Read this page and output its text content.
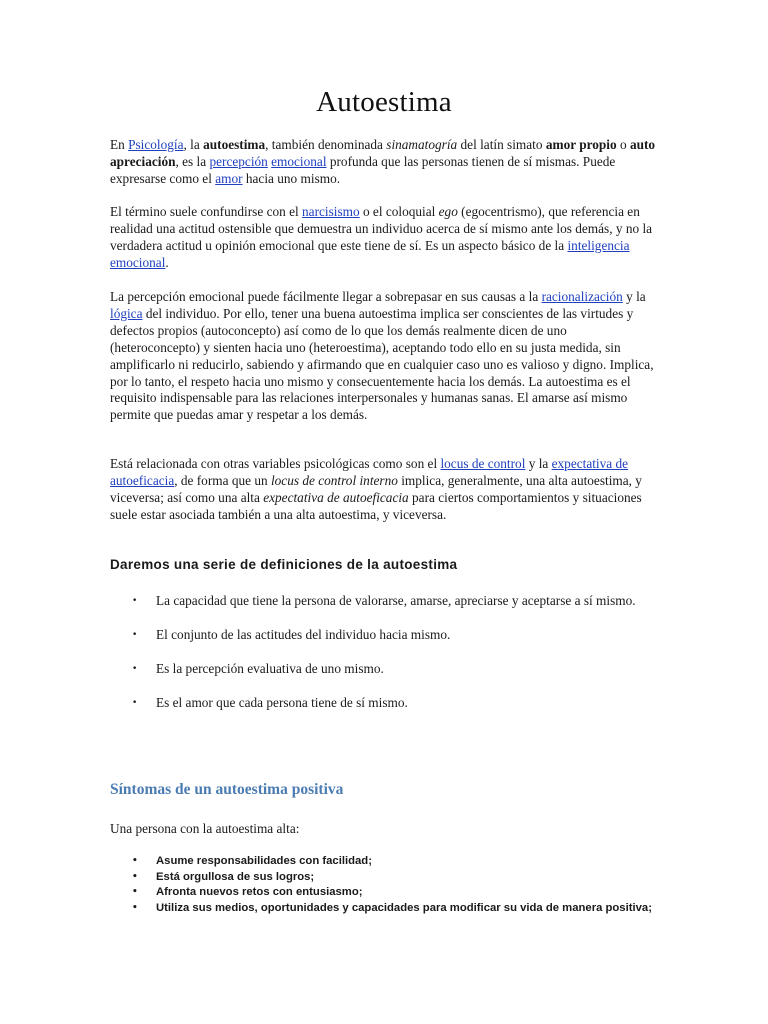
Autoestima
En Psicología, la autoestima, también denominada sinamatogría del latín simato amor propio o auto apreciación, es la percepción emocional profunda que las personas tienen de sí mismas. Puede expresarse como el amor hacia uno mismo.
El término suele confundirse con el narcisismo o el coloquial ego (egocentrismo), que referencia en realidad una actitud ostensible que demuestra un individuo acerca de sí mismo ante los demás, y no la verdadera actitud u opinión emocional que este tiene de sí. Es un aspecto básico de la inteligencia emocional.
La percepción emocional puede fácilmente llegar a sobrepasar en sus causas a la racionalización y la lógica del individuo. Por ello, tener una buena autoestima implica ser conscientes de las virtudes y defectos propios (autoconcepto) así como de lo que los demás realmente dicen de uno (heteroconcepto) y sienten hacia uno (heteroestima), aceptando todo ello en su justa medida, sin amplificarlo ni reducirlo, sabiendo y afirmando que en cualquier caso uno es valioso y digno. Implica, por lo tanto, el respeto hacia uno mismo y consecuentemente hacia los demás. La autoestima es el requisito indispensable para las relaciones interpersonales y humanas sanas. El amarse así mismo permite que puedas amar y respetar a los demás.
Está relacionada con otras variables psicológicas como son el locus de control y la expectativa de autoeficacia, de forma que un locus de control interno implica, generalmente, una alta autoestima, y viceversa; así como una alta expectativa de autoeficacia para ciertos comportamientos y situaciones suele estar asociada también a una alta autoestima, y viceversa.
Daremos una serie de definiciones de la autoestima
• La capacidad que tiene la persona de valorarse, amarse, apreciarse y aceptarse a sí mismo.
• El conjunto de las actitudes del individuo hacia mismo.
• Es la percepción evaluativa de uno mismo.
• Es el amor que cada persona tiene de sí mismo.
Síntomas de un autoestima positiva
Una persona con la autoestima alta:
• Asume responsabilidades con facilidad;
• Está orgullosa de sus logros;
• Afronta nuevos retos con entusiasmo;
• Utiliza sus medios, oportunidades y capacidades para modificar su vida de manera positiva;
